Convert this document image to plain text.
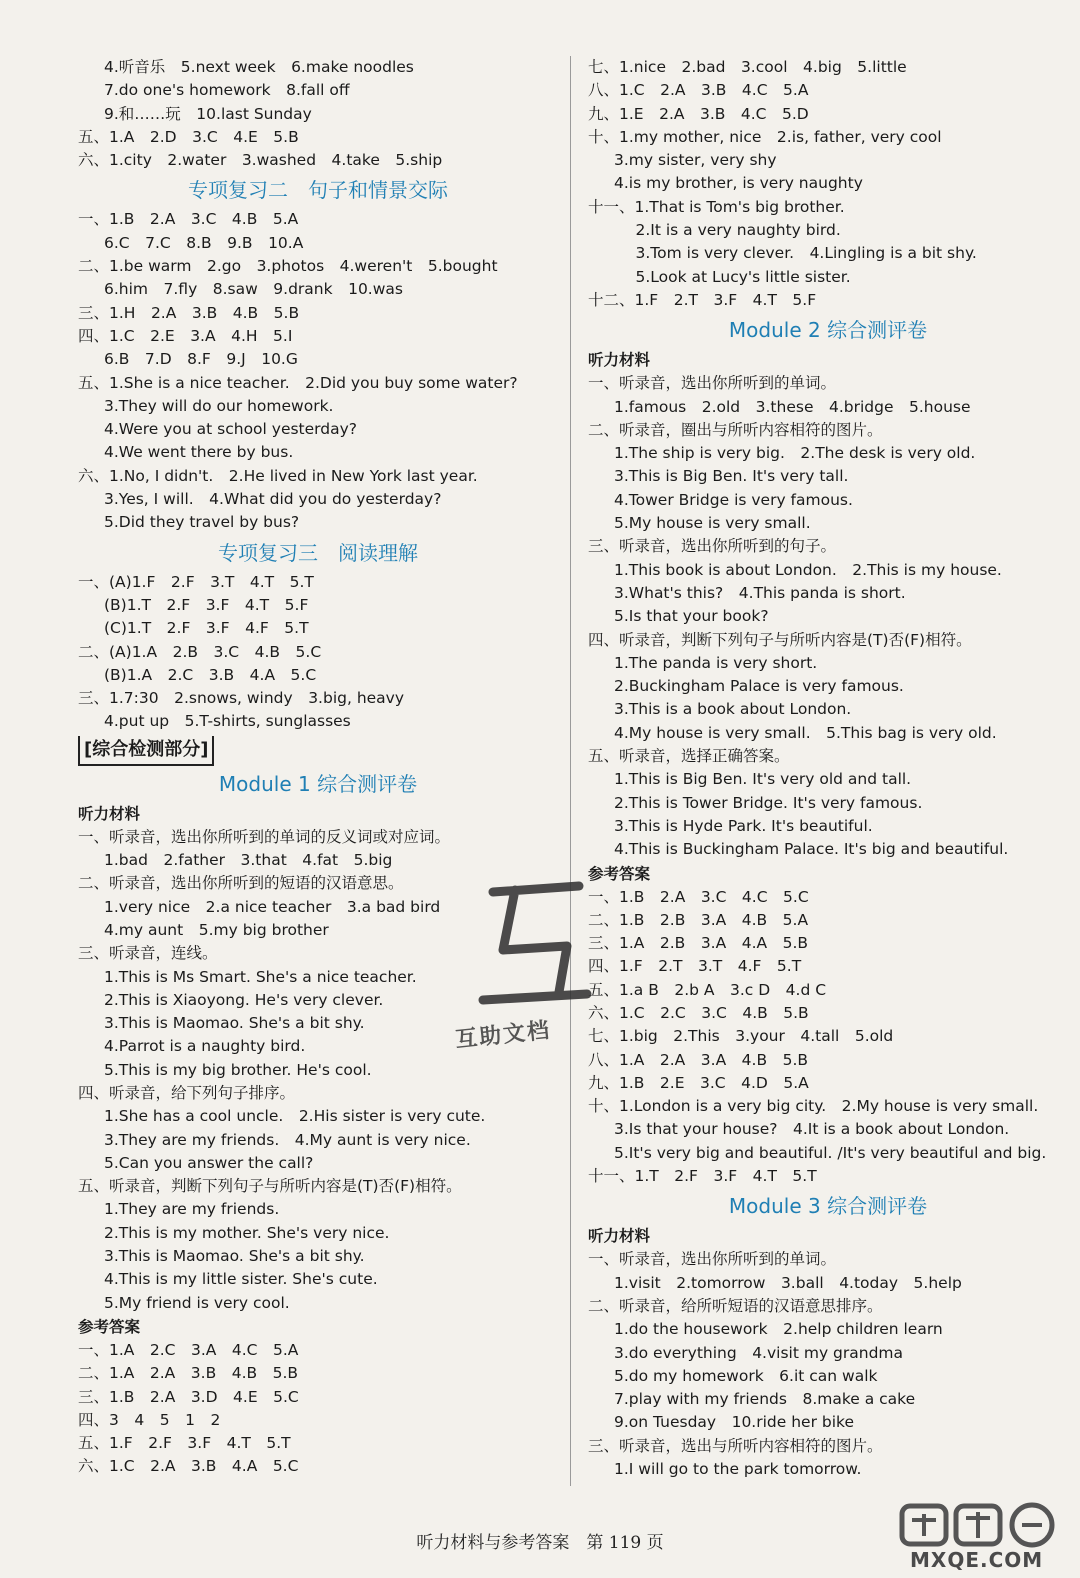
4.听音乐　5.next week　6.make noodles
7.do one's homework　8.fall off
9.和……玩　10.last Sunday
五、1.A　2.D　3.C　4.E　5.B
六、1.city　2.water　3.washed　4.take　5.ship
专项复习二　句子和情景交际
一、1.B　2.A　3.C　4.B　5.A
6.C　7.C　8.B　9.B　10.A
二、1.be warm　2.go　3.photos　4.weren't　5.bought
6.him　7.fly　8.saw　9.drank　10.was
三、1.H　2.A　3.B　4.B　5.B
四、1.C　2.E　3.A　4.H　5.I
6.B　7.D　8.F　9.J　10.G
五、1.She is a nice teacher.　2.Did you buy some water?
3.They will do our homework.
4.Were you at school yesterday?
4.We went there by bus.
六、1.No, I didn't.　2.He lived in New York last year.
3.Yes, I will.　4.What did you do yesterday?
5.Did they travel by bus?
专项复习三　阅读理解
一、(A)1.F　2.F　3.T　4.T　5.T
(B)1.T　2.F　3.F　4.T　5.F
(C)1.T　2.F　3.F　4.F　5.T
二、(A)1.A　2.B　3.C　4.B　5.C
(B)1.A　2.C　3.B　4.A　5.C
三、1.7:30　2.snows, windy　3.big, heavy
4.put up　5.T-shirts, sunglasses
[综合检测部分]
Module 1 综合测评卷
听力材料
一、听录音，选出你所听到的单词的反义词或对应词。
1.bad　2.father　3.that　4.fat　5.big
二、听录音，选出你所听到的短语的汉语意思。
1.very nice　2.a nice teacher　3.a bad bird
4.my aunt　5.my big brother
三、听录音，连线。
1.This is Ms Smart. She's a nice teacher.
2.This is Xiaoyong. He's very clever.
3.This is Maomao. She's a bit shy.
4.Parrot is a naughty bird.
5.This is my big brother. He's cool.
四、听录音，给下列句子排序。
1.She has a cool uncle.　2.His sister is very cute.
3.They are my friends.　4.My aunt is very nice.
5.Can you answer the call?
五、听录音，判断下列句子与所听内容是(T)否(F)相符。
1.They are my friends.
2.This is my mother. She's very nice.
3.This is Maomao. She's a bit shy.
4.This is my little sister. She's cute.
5.My friend is very cool.
参考答案
一、1.A　2.C　3.A　4.C　5.A
二、1.A　2.A　3.B　4.B　5.B
三、1.B　2.A　3.D　4.E　5.C
四、3　4　5　1　2
五、1.F　2.F　3.F　4.T　5.T
六、1.C　2.A　3.B　4.A　5.C
七、1.nice　2.bad　3.cool　4.big　5.little
八、1.C　2.A　3.B　4.C　5.A
九、1.E　2.A　3.B　4.C　5.D
十、1.my mother, nice　2.is, father, very cool
3.my sister, very shy
4.is my brother, is very naughty
十一、1.That is Tom's big brother.
　2.It is a very naughty bird.
　3.Tom is very clever.　4.Lingling is a bit shy.
　5.Look at Lucy's little sister.
十二、1.F　2.T　3.F　4.T　5.F
Module 2 综合测评卷
听力材料
一、听录音，选出你所听到的单词。
1.famous　2.old　3.these　4.bridge　5.house
二、听录音，圈出与所听内容相符的图片。
1.The ship is very big.　2.The desk is very old.
3.This is Big Ben. It's very tall.
4.Tower Bridge is very famous.
5.My house is very small.
三、听录音，选出你所听到的句子。
1.This book is about London.　2.This is my house.
3.What's this?　4.This panda is short.
5.Is that your book?
四、听录音，判断下列句子与所听内容是(T)否(F)相符。
1.The panda is very short.
2.Buckingham Palace is very famous.
3.This is a book about London.
4.My house is very small.　5.This bag is very old.
五、听录音，选择正确答案。
1.This is Big Ben. It's very old and tall.
2.This is Tower Bridge. It's very famous.
3.This is Hyde Park. It's beautiful.
4.This is Buckingham Palace. It's big and beautiful.
参考答案
一、1.B　2.A　3.C　4.C　5.C
二、1.B　2.B　3.A　4.B　5.A
三、1.A　2.B　3.A　4.A　5.B
四、1.F　2.T　3.T　4.F　5.T
五、1.a B　2.b A　3.c D　4.d C
六、1.C　2.C　3.C　4.B　5.B
七、1.big　2.This　3.your　4.tall　5.old
八、1.A　2.A　3.A　4.B　5.B
九、1.B　2.E　3.C　4.D　5.A
十、1.London is a very big city.　2.My house is very small.
3.Is that your house?　4.It is a book about London.
5.It's very big and beautiful. /It's very beautiful and big.
十一、1.T　2.F　3.F　4.T　5.T
Module 3 综合测评卷
听力材料
一、听录音，选出你所听到的单词。
1.visit　2.tomorrow　3.ball　4.today　5.help
二、听录音，给所听短语的汉语意思排序。
1.do the housework　2.help children learn
3.do everything　4.visit my grandma
5.do my homework　6.it can walk
7.play with my friends　8.make a cake
9.on Tuesday　10.ride her bike
三、听录音，选出与所听内容相符的图片。
1.I will go to the park tomorrow.
互助文档
听力材料与参考答案　第 119 页
MXQE.COM
